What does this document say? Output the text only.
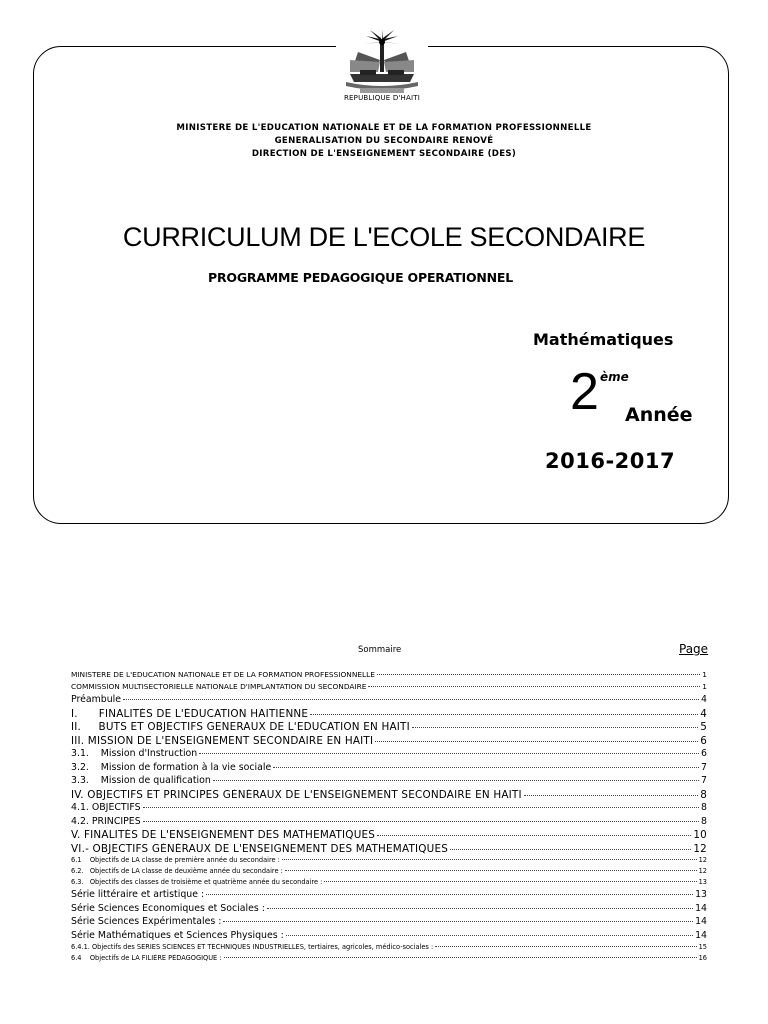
REPUBLIQUE D'HAITI
MINISTERE DE L'EDUCATION NATIONALE ET DE LA FORMATION PROFESSIONNELLE
GENERALISATION DU SECONDAIRE RENOVÉ
DIRECTION DE L'ENSEIGNEMENT SECONDAIRE (DES)
CURRICULUM DE L'ECOLE SECONDAIRE
PROGRAMME PEDAGOGIQUE OPERATIONNEL
Mathématiques
2 ème
Année
2016-2017
Sommaire	Page
MINISTERE DE L'EDUCATION NATIONALE ET DE LA FORMATION PROFESSIONNELLE	1
COMMISSION MULTISECTORIELLE NATIONALE D'IMPLANTATION DU SECONDAIRE	1
Préambule	4
I.      FINALITÉS DE L'ÉDUCATION HAITIENNE	4
II.     BUTS ET OBJECTIFS GENERAUX DE L'EDUCATION EN HAITI	5
III. MISSION DE L'ENSEIGNEMENT SECONDAIRE EN HAITI	6
3.1.    Mission d'Instruction	6
3.2.    Mission de formation à la vie sociale	7
3.3.    Mission de qualification	7
IV. OBJECTIFS ET PRINCIPES GÉNÉRAUX DE L'ENSEIGNEMENT SECONDAIRE EN HAITI	8
4.1. OBJECTIFS	8
4.2. PRINCIPES	8
V. FINALITÉS DE L'ENSEIGNEMENT DES MATHEMATIQUES	10
VI.- OBJECTIFS GÉNÉRAUX DE L'ENSEIGNEMENT DES MATHEMATIQUES	12
6.1    Objectifs de LA classe de première année du secondaire :	12
6.2.   Objectifs de LA classe de deuxième année du secondaire :	12
6.3.   Objectifs des classes de troisième et quatrième année du secondaire :	13
Série littéraire et artistique :	13
Série Sciences Economiques et Sociales :	14
Série Sciences Expérimentales :	14
Série Mathématiques et Sciences Physiques :	14
6.4.1. Objectifs des SERIES SCIENCES ET TECHNIQUES INDUSTRIELLES, tertiaires, agricoles, médico-sociales :	15
6.4    Objectifs de LA FILIÈRE PÉDAGOGIQUE :	16
